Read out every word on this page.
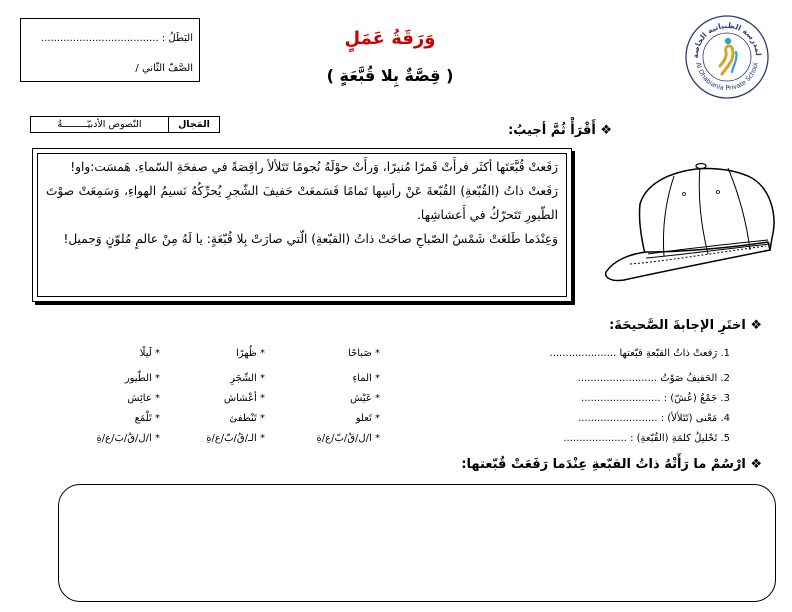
البَطَلُ : .....................................
الصَّفّ الثّاني /
وَرَقَةُ عَمَلٍ
( قِصَّةٌ بِلا قُبَّعَةٍ )
لمدرسة الظبيانية الخاصة
Al Dhabiania Private School
المَجال
النّصوص الأدبيّـــــــــةُ	❖ أَقْرَأْ ثُمَّ أجيبُ:

رَفَعتْ قُبَّعَتَها أكثَر فرأَتْ قَمرًا مُنيرًا، وَرأَتْ حوْلَهُ نُجومًا تَتَلألأ راقِصَةً في صفحَةِ السّماءِ. هَمسَت:واو!

رَفَعتْ ذاتُ (القُبّعةِ) القُبّعةَ عَنْ رأسِها تَمامًا فَسَمعَتْ حَفيفَ الشّجرِ يُحرِّكُهُ نَسيمُ الهواءِ، وَسَمِعَتْ صوْتَ الطّيورِ تَتَحرّكُ في أَعشاشِها.

وَعِنْدَما طَلعَتْ شَمْسُ الصّباحِ صاحَتْ ذاتُ (القبّعةِ) الّتي صارَتْ بِلا قُبّعَةٍ: يا لَهُ مِنْ عالمٍ مُلوّنٍ وَجميل!

❖ اختَرِ الإجابةَ الصَّحيحَةَ:
1. رَفعتْ ذاتُ القبّعةِ قبّعتها .....................
* صَباحًا
* ظُهرًا
* لَيلًا
2. الحَفيفُ صَوْتُ .........................
* الماءِ
* الشّجَرِ
* الطّيور
3. جَمْعُ (عُشّ) : .........................
* عَيْش
* أعْشاش
* عائِش
4. مَعْنى (تَتَلألأ) : .........................
* تَعلو
* تَنْطفئ
* تَلْمَع
5. تَحْليلُ كلمَةِ (القُبّعةِ) : ....................
* ا/ل/قُ/بّ/ع/ةِ
* الـ/قُ/بّ/ع/ةِ
* ا/ل/قُ/بَ/ع/ةِ
❖ ارْسُمْ ما رَأَتْهُ ذاتُ القبّعةِ عِنْدَما رَفَعَتْ قُبّعتها:
